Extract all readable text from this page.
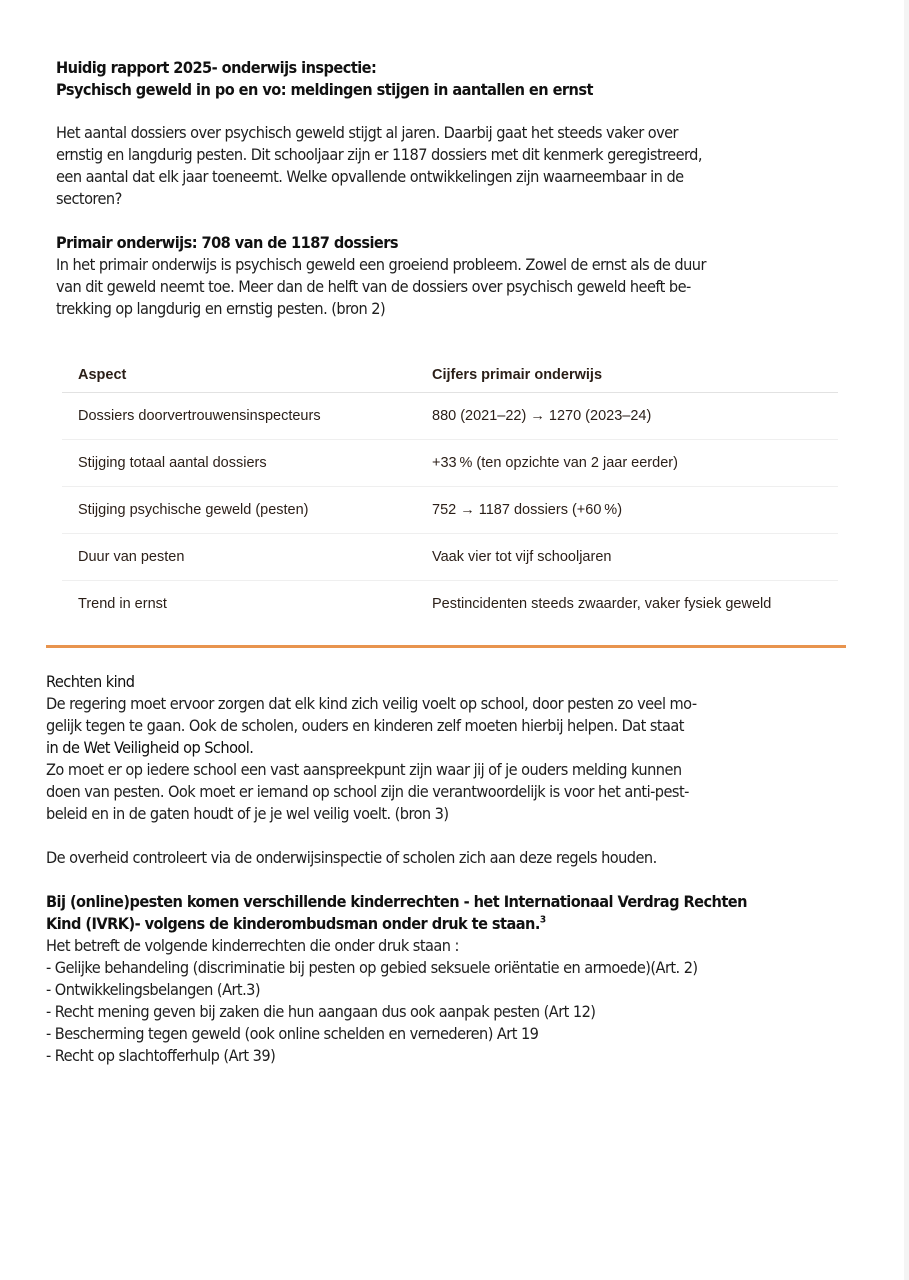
Huidig rapport 2025- onderwijs inspectie:
Psychisch geweld in po en vo: meldingen stijgen in aantallen en ernst

Het aantal dossiers over psychisch geweld stijgt al jaren. Daarbij gaat het steeds vaker over
ernstig en langdurig pesten. Dit schooljaar zijn er 1187 dossiers met dit kenmerk geregistreerd,
een aantal dat elk jaar toeneemt. Welke opvallende ontwikkelingen zijn waarneembaar in de
sectoren?

Primair onderwijs: 708 van de 1187 dossiers
In het primair onderwijs is psychisch geweld een groeiend probleem. Zowel de ernst als de duur
van dit geweld neemt toe. Meer dan de helft van de dossiers over psychisch geweld heeft be-
trekking op langdurig en ernstig pesten. (bron 2)
Aspect	Cijfers primair onderwijs
Dossiers doorvertrouwensinspecteurs	880 (2021–22) → 1270 (2023–24)
Stijging totaal aantal dossiers	+33 % (ten opzichte van 2 jaar eerder)
Stijging psychische geweld (pesten)	752 → 1187 dossiers (+60 %)
Duur van pesten	Vaak vier tot vijf schooljaren
Trend in ernst	Pestincidenten steeds zwaarder, vaker fysiek geweld
Rechten kind
De regering moet ervoor zorgen dat elk kind zich veilig voelt op school, door pesten zo veel mo-
gelijk tegen te gaan. Ook de scholen, ouders en kinderen zelf moeten hierbij helpen. Dat staat
in de Wet Veiligheid op School.
Zo moet er op iedere school een vast aanspreekpunt zijn waar jij of je ouders melding kunnen
doen van pesten. Ook moet er iemand op school zijn die verantwoordelijk is voor het anti-pest-
beleid en in de gaten houdt of je je wel veilig voelt. (bron 3)

De overheid controleert via de onderwijsinspectie of scholen zich aan deze regels houden.

Bij (online)pesten komen verschillende kinderrechten - het Internationaal Verdrag Rechten
Kind (IVRK)- volgens de kinderombudsman onder druk te staan.$^3$
Het betreft de volgende kinderrechten die onder druk staan :
- Gelijke behandeling (discriminatie bij pesten op gebied seksuele oriëntatie en armoede)(Art. 2)
- Ontwikkelingsbelangen (Art.3)
- Recht mening geven bij zaken die hun aangaan dus ook aanpak pesten (Art 12)
- Bescherming tegen geweld (ook online schelden en vernederen) Art 19
- Recht op slachtofferhulp (Art 39)
